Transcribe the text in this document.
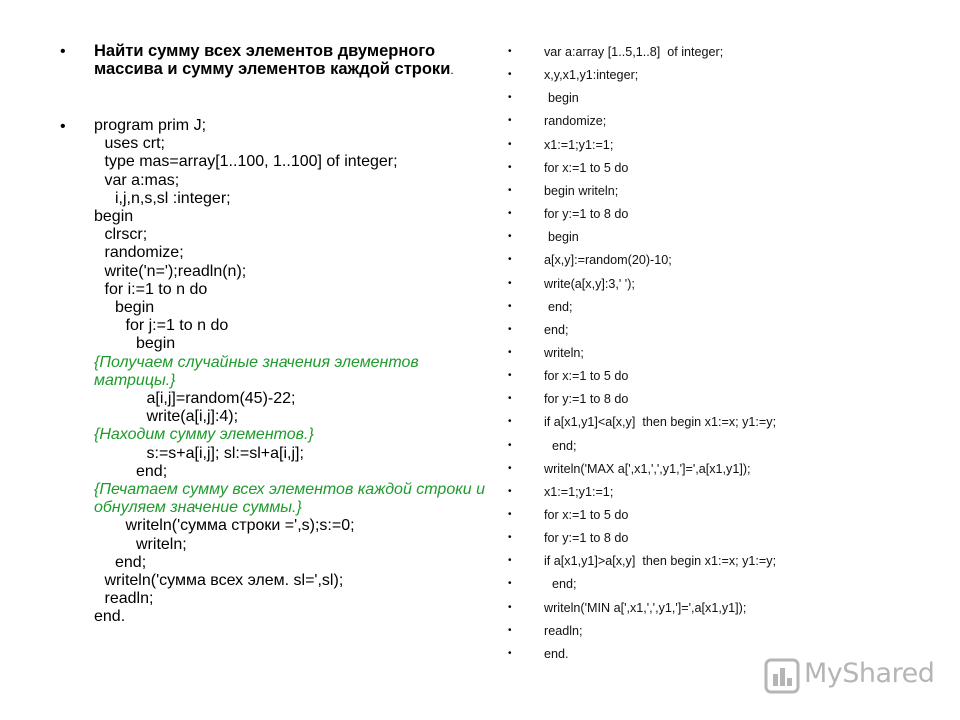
• Найти сумму всех элементов двумерного массива и сумму элементов каждой строки.
• program prim J;
uses crt;
type mas=array[1..100, 1..100] of integer;
var a:mas;
i,j,n,s,sl :integer;
begin
clrscr;
randomize;
write('n=');readln(n);
for i:=1 to n do
begin
for j:=1 to n do
begin
{Получаем случайные значения элементов матрицы.}
a[i,j]=random(45)-22;
write(a[i,j]:4);
{Находим сумму элементов.}
s:=s+a[i,j]; sl:=sl+a[i,j];
end;
{Печатаем сумму всех элементов каждой строки и обнуляем значение суммы.}
writeln('сумма строки =',s);s:=0;
writeln;
end;
writeln('сумма всех элем. sl=',sl);
readln;
end.
•	var a:array [1..5,1..8]  of integer;
•	x,y,x1,y1:integer;
•	begin
•	randomize;
•	x1:=1;y1:=1;
•	for x:=1 to 5 do
•	begin writeln;
•	for y:=1 to 8 do
•	begin
•	a[x,y]:=random(20)-10;
•	write(a[x,y]:3,' ');
•	end;
•	end;
•	writeln;
•	for x:=1 to 5 do
•	for y:=1 to 8 do
•	if a[x1,y1]<a[x,y]  then begin x1:=x; y1:=y;
•	end;
•	writeln('MAX a[',x1,',',y1,']=',a[x1,y1]);
•	x1:=1;y1:=1;
•	for x:=1 to 5 do
•	for y:=1 to 8 do
•	if a[x1,y1]>a[x,y]  then begin x1:=x; y1:=y;
•	end;
•	writeln('MIN a[',x1,',',y1,']=',a[x1,y1]);
•	readln;
•	end.
MyShared
